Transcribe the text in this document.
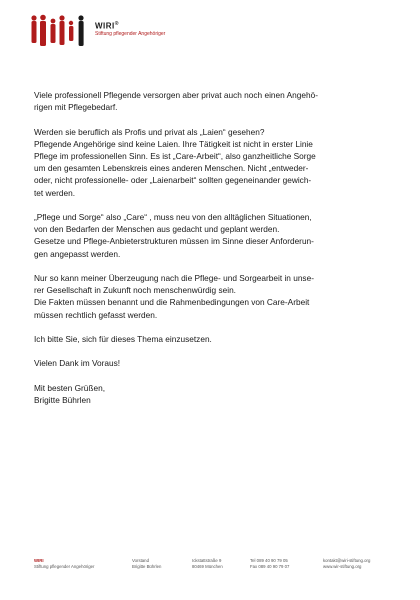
WIRI®
Stiftung pflegender Angehöriger

Viele professionell Pflegende versorgen aber privat auch noch einen Angehö-
rigen mit Pflegebedarf.

Werden sie beruflich als Profis und privat als „Laien“ gesehen?
Pflegende Angehörige sind keine Laien. Ihre Tätigkeit ist nicht in erster Linie
Pflege im professionellen Sinn. Es ist „Care-Arbeit“, also ganzheitliche Sorge
um den gesamten Lebenskreis eines anderen Menschen. Nicht „entweder-
oder, nicht professionelle- oder „Laienarbeit“ sollten gegeneinander gewich-
tet werden.

„Pflege und Sorge“ also „Care“ , muss neu von den alltäglichen Situationen,
von den Bedarfen der Menschen aus gedacht und geplant werden.
Gesetze und Pflege-Anbieterstrukturen müssen im Sinne dieser Anforderun-
gen angepasst werden.

Nur so kann meiner Überzeugung nach die Pflege- und Sorgearbeit in unse-
rer Gesellschaft in Zukunft noch menschenwürdig sein.
Die Fakten müssen benannt und die Rahmenbedingungen von Care-Arbeit
müssen rechtlich gefasst werden.

Ich bitte Sie, sich für dieses Thema einzusetzen.

Vielen Dank im Voraus!

Mit besten Grüßen,
Brigitte Bührlen
WIRI
Stiftung pflegender Angehöriger
Vorstand
Brigitte Bührlen
Ickstattstraße 9
80469 München
Tel 089 40 90 79 05
Fax 089 40 90 79 07
kontakt@wiri-stiftung.org
www.wir-stiftung.org
